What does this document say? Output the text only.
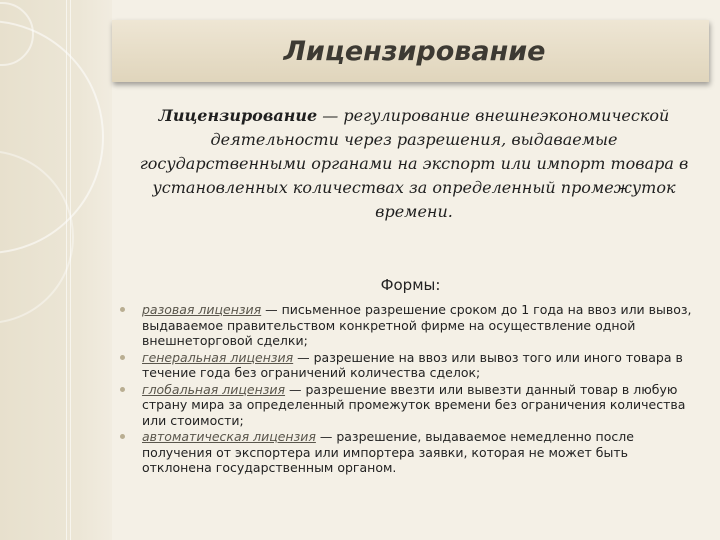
Лицензирование
Лицензирование — регулирование внешнеэкономической деятельности через разрешения, выдаваемые государственными органами на экспорт или импорт товара в установленных количествах за определенный промежуток времени.
Формы:
разовая лицензия — письменное разрешение сроком до 1 года на ввоз или вывоз, выдаваемое правительством конкретной фирме на осуществление одной внешнеторговой сделки;
генеральная лицензия — разрешение на ввоз или вывоз того или иного товара в течение года без ограничений количества сделок;
глобальная лицензия — разрешение ввезти или вывезти данный товар в любую страну мира за определенный промежуток времени без ограничения количества или стоимости;
автоматическая лицензия — разрешение, выдаваемое немедленно после получения от экспортера или импортера заявки, которая не может быть отклонена государственным органом.
